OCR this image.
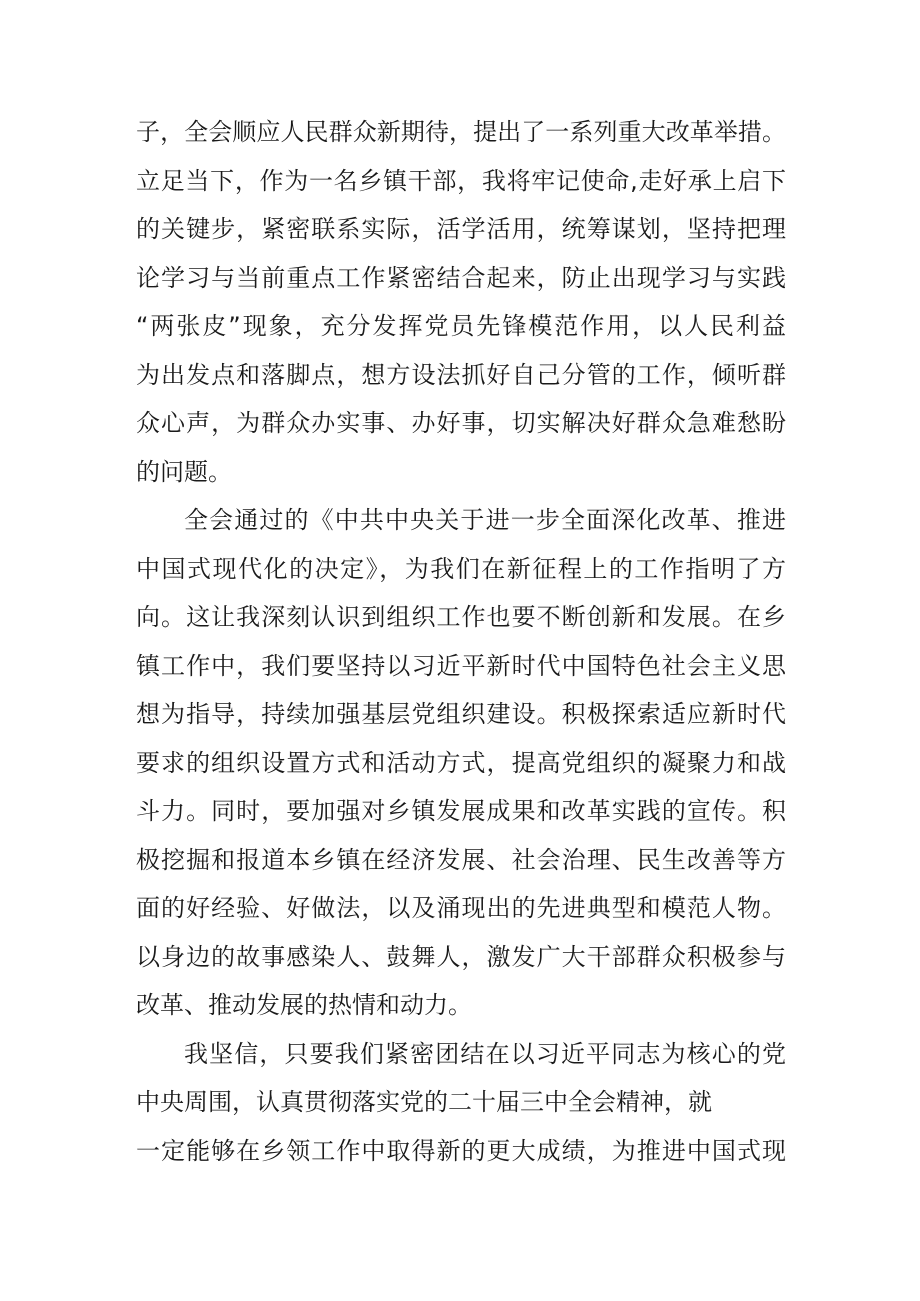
子，全会顺应人民群众新期待，提出了一系列重大改革举措。
立足当下，作为一名乡镇干部，我将牢记使命,走好承上启下
的关键步，紧密联系实际，活学活用，统筹谋划，坚持把理
论学习与当前重点工作紧密结合起来，防止出现学习与实践
“两张皮”现象，充分发挥党员先锋模范作用，以人民利益
为出发点和落脚点，想方设法抓好自己分管的工作，倾听群
众心声，为群众办实事、办好事，切实解决好群众急难愁盼
的问题。
全会通过的《中共中央关于进一步全面深化改革、推进
中国式现代化的决定》，为我们在新征程上的工作指明了方
向。这让我深刻认识到组织工作也要不断创新和发展。在乡
镇工作中，我们要坚持以习近平新时代中国特色社会主义思
想为指导，持续加强基层党组织建设。积极探索适应新时代
要求的组织设置方式和活动方式，提高党组织的凝聚力和战
斗力。同时，要加强对乡镇发展成果和改革实践的宣传。积
极挖掘和报道本乡镇在经济发展、社会治理、民生改善等方
面的好经验、好做法，以及涌现出的先进典型和模范人物。
以身边的故事感染人、鼓舞人，激发广大干部群众积极参与
改革、推动发展的热情和动力。
我坚信，只要我们紧密团结在以习近平同志为核心的党
中央周围，认真贯彻落实党的二十届三中全会精神，就
一定能够在乡领工作中取得新的更大成绩，为推进中国式现
